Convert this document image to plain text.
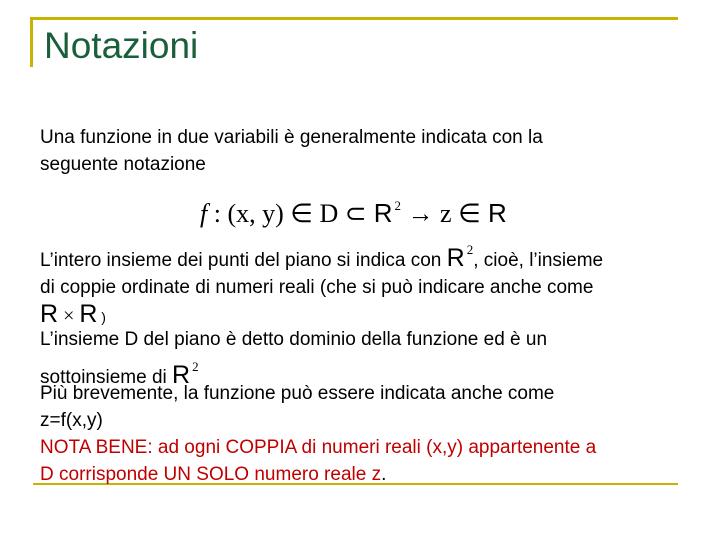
Notazioni
Una funzione in due variabili è generalmente indicata con la
seguente notazione
f : (x, y) ∈ D ⊂ R $^2$ → z ∈ R
L’intero insieme dei punti del piano si indica con R $^2$, cioè, l’insieme
di coppie ordinate di numeri reali (che si può indicare anche come
R × R )
L’insieme D del piano è detto dominio della funzione ed è un
sottoinsieme di R $^2$
Più brevemente, la funzione può essere indicata anche come
z=f(x,y)
NOTA BENE: ad ogni COPPIA di numeri reali (x,y) appartenente a
D corrisponde UN SOLO numero reale z.
